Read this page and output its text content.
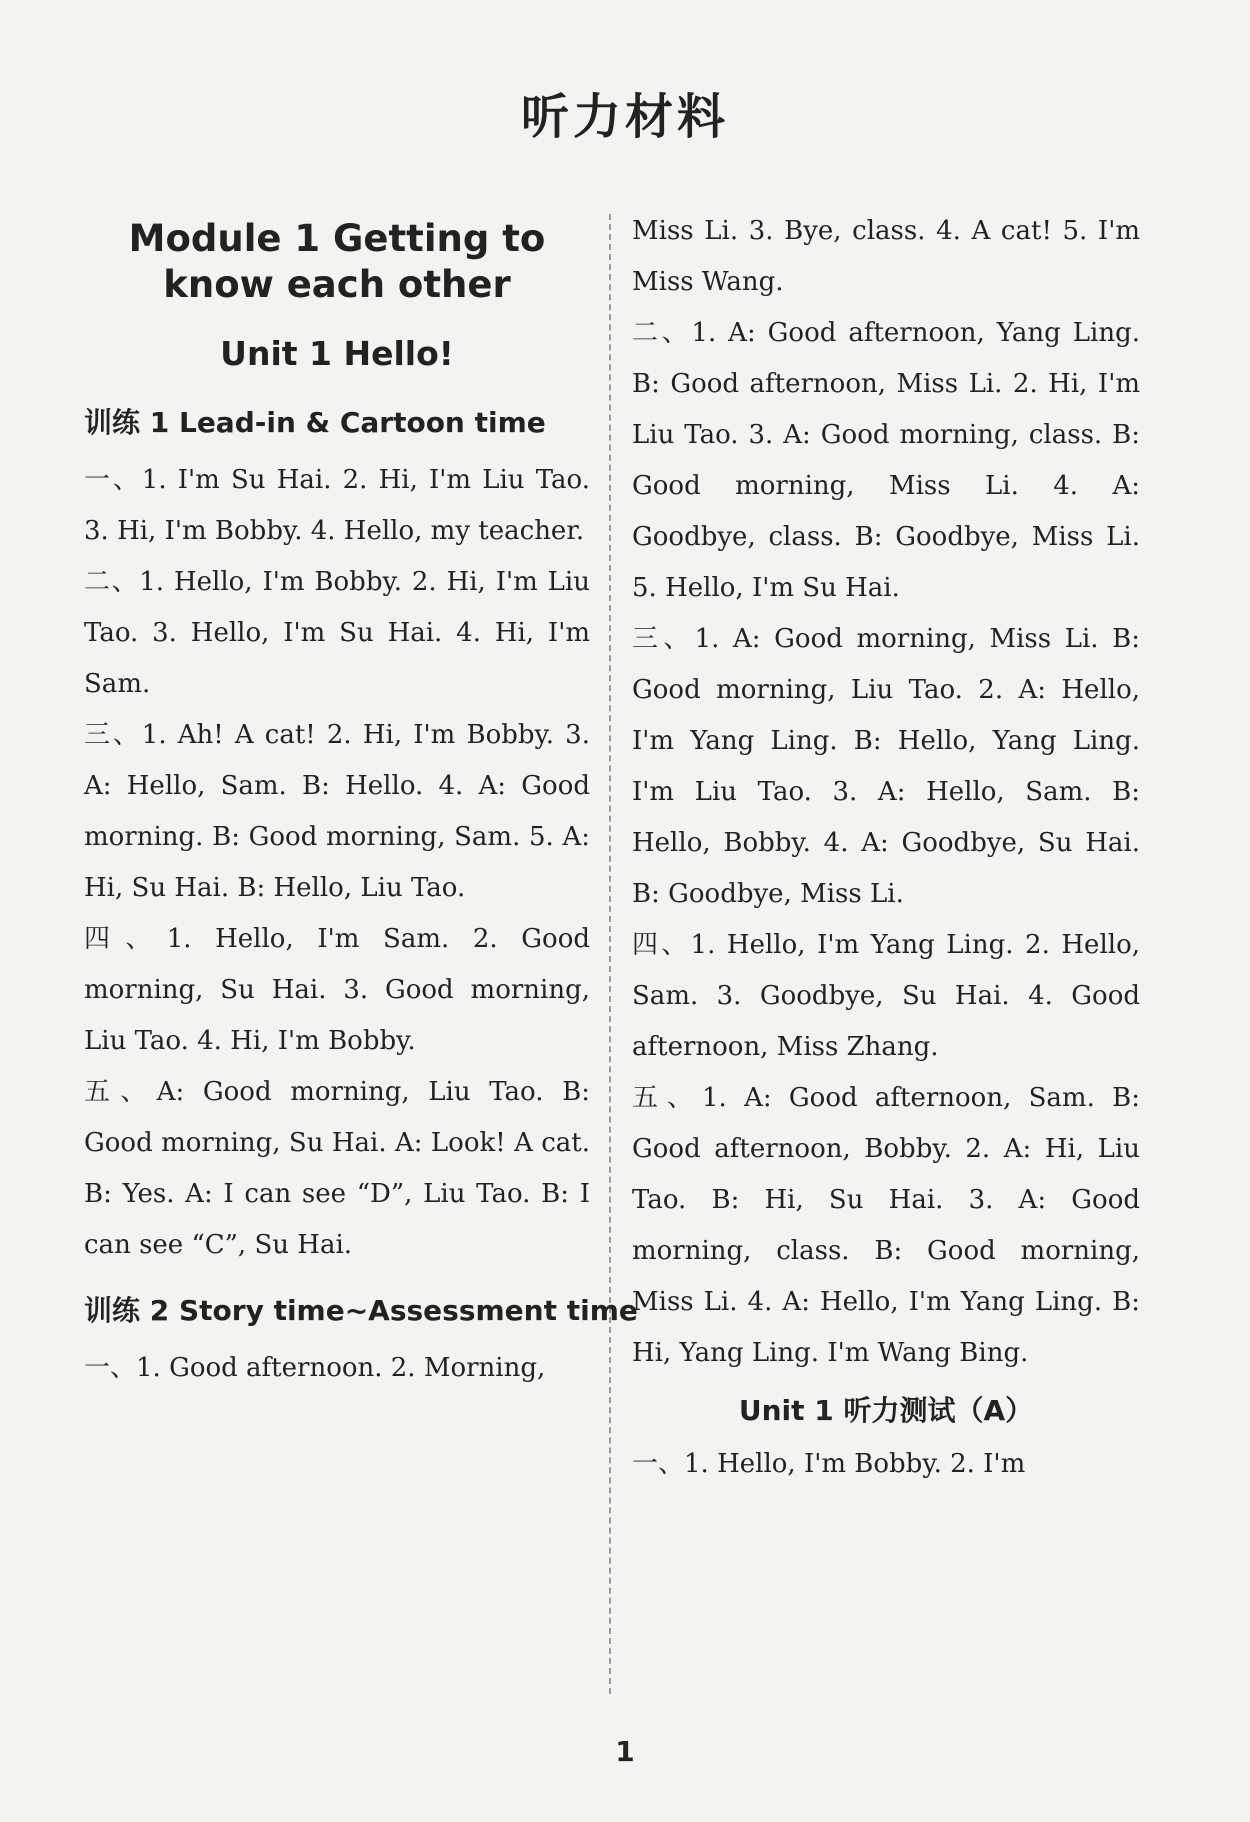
听力材料
Module 1 Getting to know each other
Unit 1 Hello!
训练 1 Lead-in & Cartoon time

一、1. I'm Su Hai. 2. Hi, I'm Liu Tao. 3. Hi, I'm Bobby. 4. Hello, my teacher.

二、1. Hello, I'm Bobby. 2. Hi, I'm Liu Tao. 3. Hello, I'm Su Hai. 4. Hi, I'm Sam.

三、1. Ah! A cat! 2. Hi, I'm Bobby. 3. A: Hello, Sam. B: Hello. 4. A: Good morning. B: Good morning, Sam. 5. A: Hi, Su Hai. B: Hello, Liu Tao.

四、1. Hello, I'm Sam. 2. Good morning, Su Hai. 3. Good morning, Liu Tao. 4. Hi, I'm Bobby.

五、A: Good morning, Liu Tao. B: Good morning, Su Hai. A: Look! A cat. B: Yes. A: I can see “D”, Liu Tao. B: I can see “C”, Su Hai.

训练 2 Story time~Assessment time

一、1. Good afternoon. 2. Morning,

Miss Li. 3. Bye, class. 4. A cat! 5. I'm Miss Wang.

二、1. A: Good afternoon, Yang Ling. B: Good afternoon, Miss Li. 2. Hi, I'm Liu Tao. 3. A: Good morning, class. B: Good morning, Miss Li. 4. A: Goodbye, class. B: Goodbye, Miss Li. 5. Hello, I'm Su Hai.

三、1. A: Good morning, Miss Li. B: Good morning, Liu Tao. 2. A: Hello, I'm Yang Ling. B: Hello, Yang Ling. I'm Liu Tao. 3. A: Hello, Sam. B: Hello, Bobby. 4. A: Goodbye, Su Hai. B: Goodbye, Miss Li.

四、1. Hello, I'm Yang Ling. 2. Hello, Sam. 3. Goodbye, Su Hai. 4. Good afternoon, Miss Zhang.

五、1. A: Good afternoon, Sam. B: Good afternoon, Bobby. 2. A: Hi, Liu Tao. B: Hi, Su Hai. 3. A: Good morning, class. B: Good morning, Miss Li. 4. A: Hello, I'm Yang Ling. B: Hi, Yang Ling. I'm Wang Bing.

Unit 1 听力测试（A）

一、1. Hello, I'm Bobby. 2. I'm

1
